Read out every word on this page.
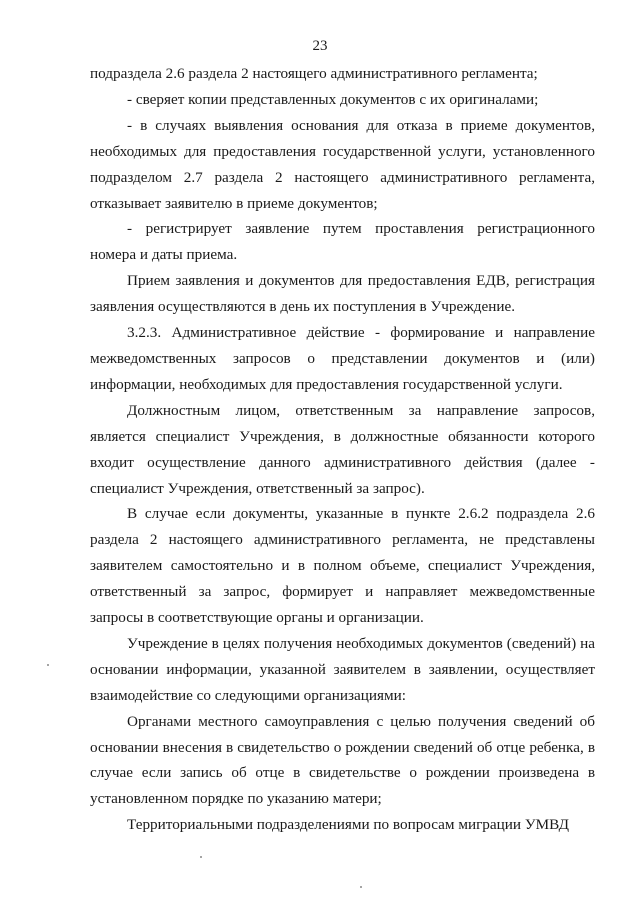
23

подраздела 2.6 раздела 2 настоящего административного регламента;

- сверяет копии представленных документов с их оригиналами;

- в случаях выявления основания для отказа в приеме документов, необходимых для предоставления государственной услуги, установленного подразделом 2.7 раздела 2 настоящего административного регламента, отказывает заявителю в приеме документов;

- регистрирует заявление путем проставления регистрационного номера и даты приема.

Прием заявления и документов для предоставления ЕДВ, регистрация заявления осуществляются в день их поступления в Учреждение.

3.2.3. Административное действие - формирование и направление межведомственных запросов о представлении документов и (или) информации, необходимых для предоставления государственной услуги.

Должностным лицом, ответственным за направление запросов, является специалист Учреждения, в должностные обязанности которого входит осуществление данного административного действия (далее - специалист Учреждения, ответственный за запрос).

В случае если документы, указанные в пункте 2.6.2 подраздела 2.6 раздела 2 настоящего административного регламента, не представлены заявителем самостоятельно и в полном объеме, специалист Учреждения, ответственный за запрос, формирует и направляет межведомственные запросы в соответствующие органы и организации.

Учреждение в целях получения необходимых документов (сведений) на основании информации, указанной заявителем в заявлении, осуществляет взаимодействие со следующими организациями:

Органами местного самоуправления с целью получения сведений об основании внесения в свидетельство о рождении сведений об отце ребенка, в случае если запись об отце в свидетельстве о рождении произведена в установленном порядке по указанию матери;

Территориальными подразделениями по вопросам миграции УМВД
